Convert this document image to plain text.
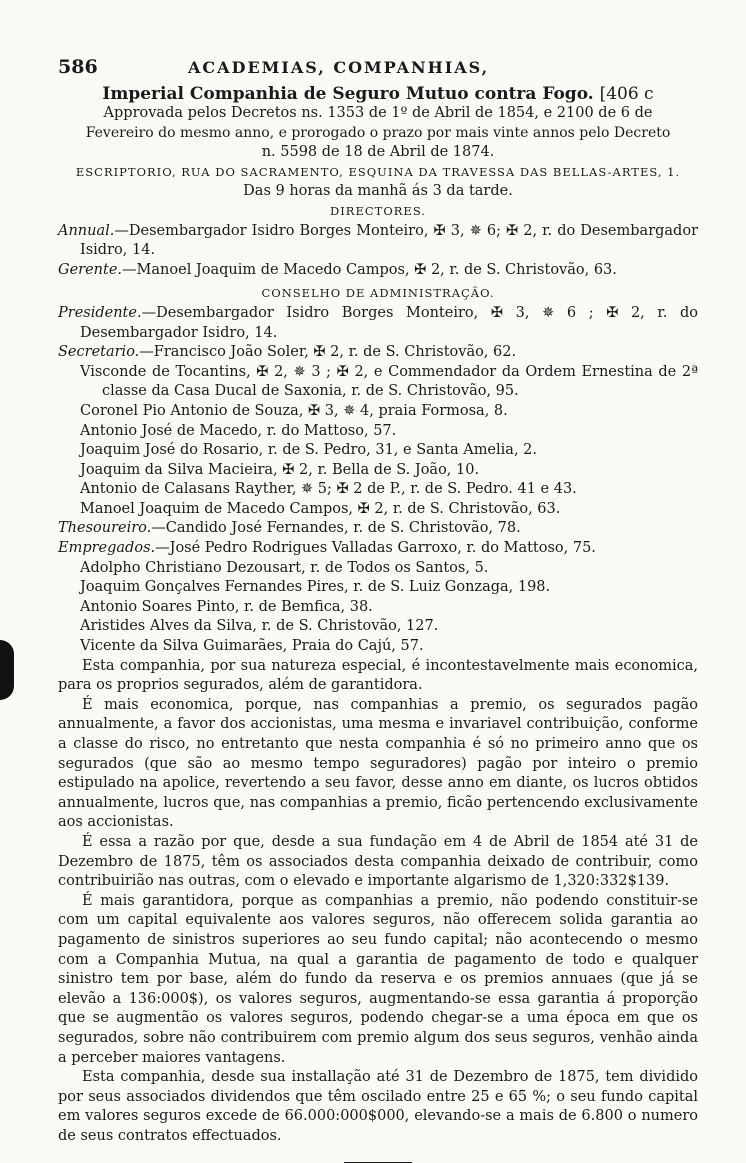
586	ACADEMIAS, COMPANHIAS,
Imperial Companhia de Seguro Mutuo contra Fogo. [406 c
Approvada pelos Decretos ns. 1353 de 1º de Abril de 1854, e 2100 de 6 de
Fevereiro do mesmo anno, e prorogado o prazo por mais vinte annos pelo Decreto
n. 5598 de 18 de Abril de 1874.
ESCRIPTORIO, RUA DO SACRAMENTO, ESQUINA DA TRAVESSA DAS BELLAS-ARTES, 1.
Das 9 horas da manhã ás 3 da tarde.
DIRECTORES.
Annual.—Desembargador Isidro Borges Monteiro, ✠ 3, ✵ 6; ✠ 2, r. do Desembargador Isidro, 14.
Gerente.—Manoel Joaquim de Macedo Campos, ✠ 2, r. de S. Christovão, 63.
CONSELHO DE ADMINISTRAÇÃO.
Presidente.—Desembargador Isidro Borges Monteiro, ✠ 3, ✵ 6 ; ✠ 2, r. do Desembargador Isidro, 14.
Secretario.—Francisco João Soler, ✠ 2, r. de S. Christovão, 62.
Visconde de Tocantins, ✠ 2, ✵ 3 ; ✠ 2, e Commendador da Ordem Ernestina de 2ª classe da Casa Ducal de Saxonia, r. de S. Christovão, 95.
Coronel Pio Antonio de Souza, ✠ 3, ✵ 4, praia Formosa, 8.
Antonio José de Macedo, r. do Mattoso, 57.
Joaquim José do Rosario, r. de S. Pedro, 31, e Santa Amelia, 2.
Joaquim da Silva Macieira, ✠ 2, r. Bella de S. João, 10.
Antonio de Calasans Rayther, ✵ 5; ✠ 2 de P., r. de S. Pedro. 41 e 43.
Manoel Joaquim de Macedo Campos, ✠ 2, r. de S. Christovão, 63.
Thesoureiro.—Candido José Fernandes, r. de S. Christovão, 78.
Empregados.—José Pedro Rodrigues Valladas Garroxo, r. do Mattoso, 75.
Adolpho Christiano Dezousart, r. de Todos os Santos, 5.
Joaquim Gonçalves Fernandes Pires, r. de S. Luiz Gonzaga, 198.
Antonio Soares Pinto, r. de Bemfica, 38.
Aristides Alves da Silva, r. de S. Christovão, 127.
Vicente da Silva Guimarães, Praia do Cajú, 57.
Esta companhia, por sua natureza especial, é incontestavelmente mais economica, para os proprios segurados, além de garantidora.
É mais economica, porque, nas companhias a premio, os segurados pagão annualmente, a favor dos accionistas, uma mesma e invariavel contribuição, conforme a classe do risco, no entretanto que nesta companhia é só no primeiro anno que os segurados (que são ao mesmo tempo seguradores) pagão por inteiro o premio estipulado na apolice, revertendo a seu favor, desse anno em diante, os lucros obtidos annualmente, lucros que, nas companhias a premio, ficão pertencendo exclusivamente aos accionistas.
É essa a razão por que, desde a sua fundação em 4 de Abril de 1854 até 31 de Dezembro de 1875, têm os associados desta companhia deixado de contribuir, como contribuirião nas outras, com o elevado e importante algarismo de 1,320:332$139.
É mais garantidora, porque as companhias a premio, não podendo constituir-se com um capital equivalente aos valores seguros, não offerecem solida garantia ao pagamento de sinistros superiores ao seu fundo capital; não acontecendo o mesmo com a Companhia Mutua, na qual a garantia de pagamento de todo e qualquer sinistro tem por base, além do fundo da reserva e os premios annuaes (que já se elevão a 136:000$), os valores seguros, augmentando-se essa garantia á proporção que se augmentão os valores seguros, podendo chegar-se a uma época em que os segurados, sobre não contribuirem com premio algum dos seus seguros, venhão ainda a perceber maiores vantagens.
Esta companhia, desde sua installação até 31 de Dezembro de 1875, tem dividido por seus associados dividendos que têm oscilado entre 25 e 65 %; o seu fundo capital em valores seguros excede de 66.000:000$000, elevando-se a mais de 6.800 o numero de seus contratos effectuados.
